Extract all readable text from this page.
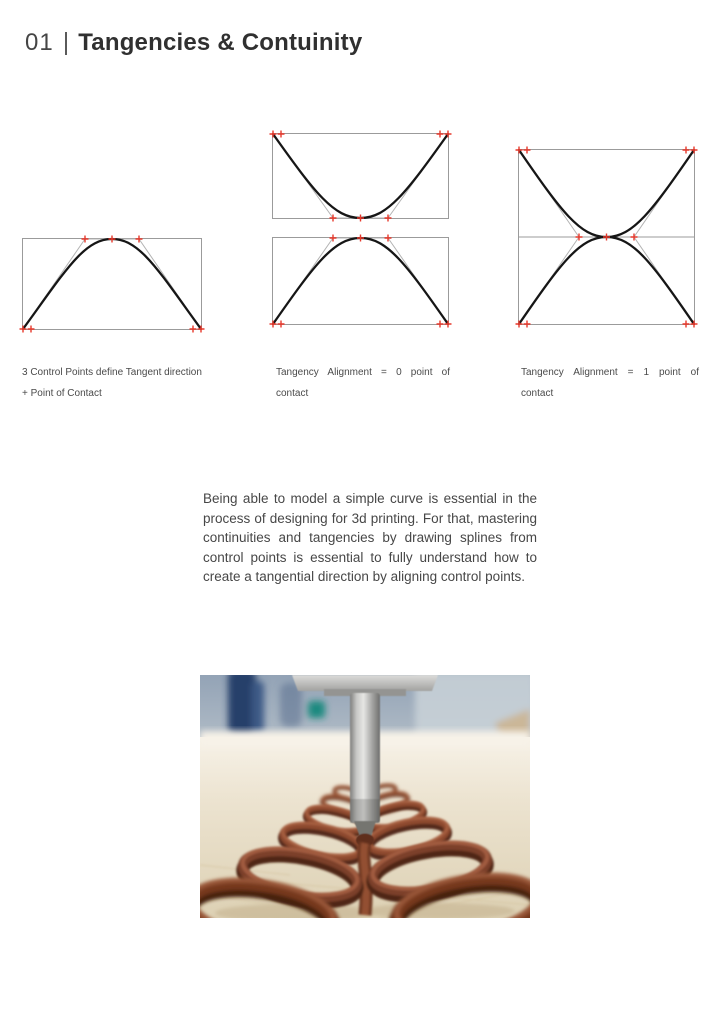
01 | Tangencies & Contuinity
3 Control Points define Tangent direction
+ Point of Contact
Tangency Alignment = 0 point of
contact
Tangency Alignment = 1 point of
contact
Being able to model a simple curve is essential in the process of designing for 3d printing. For that, mastering continuities and tangencies by drawing splines from control points is essential to fully understand how to create a tangential direction by aligning control points.
